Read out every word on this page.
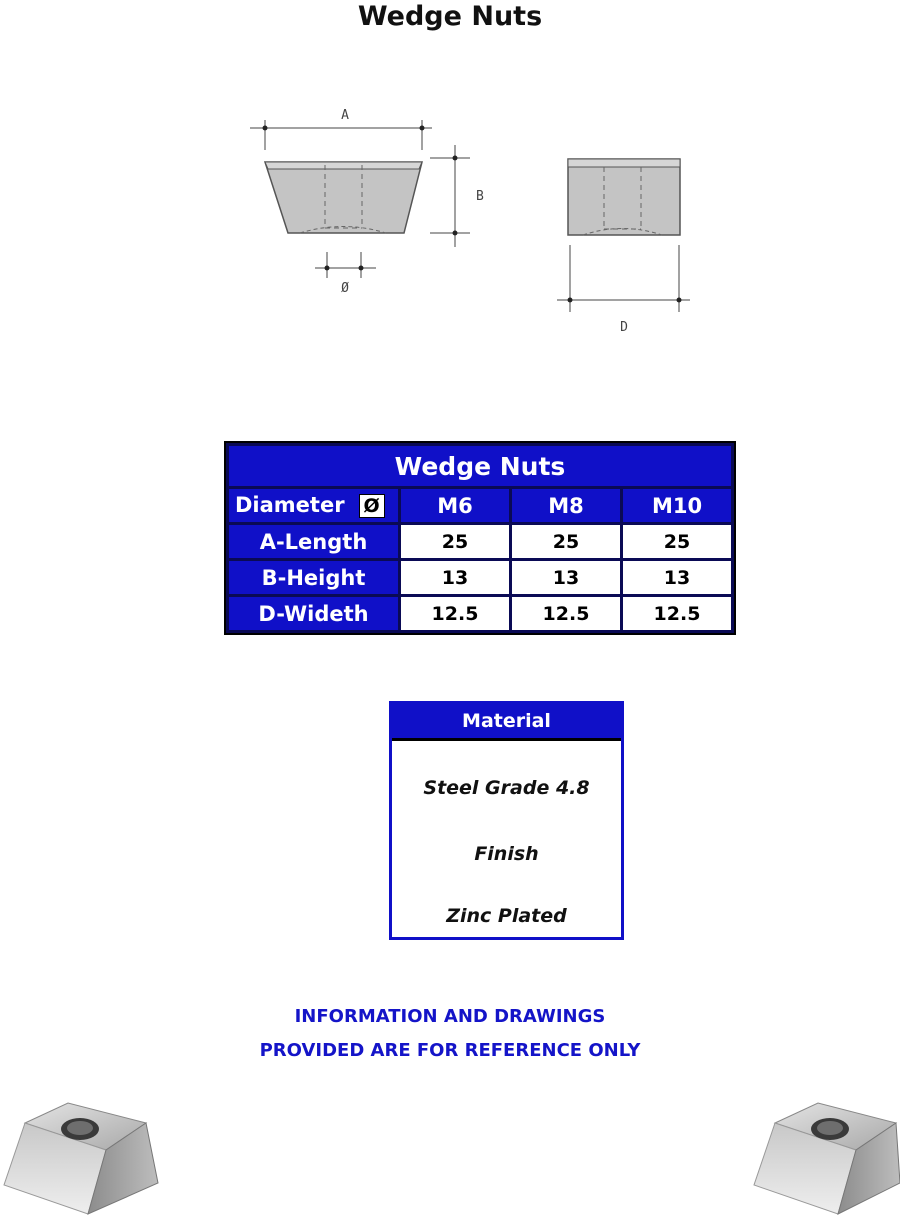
Wedge Nuts
A
B
Ø
D
Wedge Nuts			
Diameter Ø	M6	M8	M10
A-Length	25	25	25
B-Height	13	13	13
D-Wideth	12.5	12.5	12.5
Material
Steel Grade 4.8
Finish
Zinc Plated
INFORMATION AND DRAWINGS
PROVIDED ARE FOR REFERENCE ONLY
